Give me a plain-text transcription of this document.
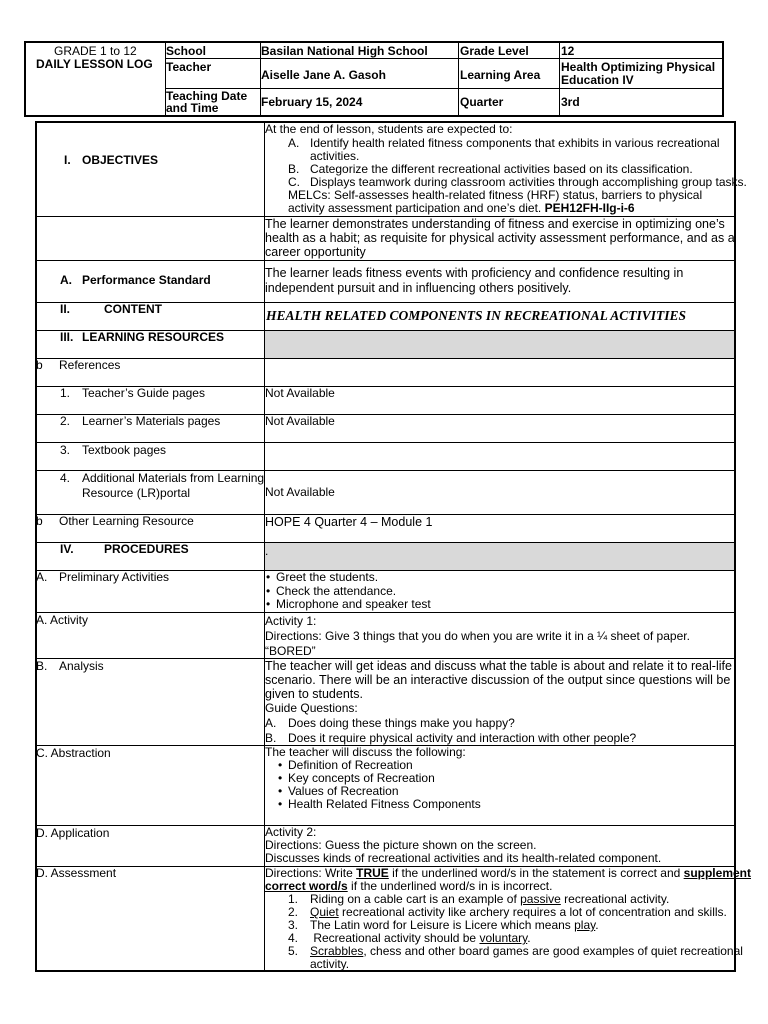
GRADE 1 to 12
DAILY LESSON LOG
School	Basilan National High School	Grade Level	12
Teacher
Aiselle Jane A. Gasoh	Learning Area
Health Optimizing Physical
Education IV
Teaching Date
and Time	February 15, 2024	Quarter	3rd
I. OBJECTIVES
At the end of lesson, students are expected to:
A. Identify health related fitness components that exhibits in various recreational
activities.
B. Categorize the different recreational activities based on its classification.
C. Displays teamwork during classroom activities through accomplishing group tasks.
MELCs: Self-assesses health-related fitness (HRF) status, barriers to physical
activity assessment participation and one’s diet. PEH12FH-IIg-i-6
The learner demonstrates understanding of fitness and exercise in optimizing one’s
health as a habit; as requisite for physical activity assessment performance, and as a
career opportunity
A. Performance Standard	The learner leads fitness events with proficiency and confidence resulting in
independent pursuit and in influencing others positively.
II.	CONTENT	HEALTH RELATED COMPONENTS IN RECREATIONAL ACTIVITIES
III. LEARNING RESOURCES
b References
1. Teacher’s Guide pages	Not Available
2. Learner’s Materials pages	Not Available
3. Textbook pages
4. Additional Materials from Learning
Resource (LR)portal	Not Available
b Other Learning Resource	HOPE 4 Quarter 4 – Module 1
IV.	PROCEDURES	.
A. Preliminary Activities
•	Greet the students.
• Check the attendance.
• Microphone and speaker test
A. Activity	Activity 1:
Directions: Give 3 things that you do when you are write it in a ¼ sheet of paper.
“BORED”
B. Analysis	The teacher will get ideas and discuss what the table is about and relate it to real-life
scenario. There will be an interactive discussion of the output since questions will be
given to students.
Guide Questions:
A. Does doing these things make you happy?
B. Does it require physical activity and interaction with other people?
C. Abstraction	The teacher will discuss the following:
• Definition of Recreation
• Key concepts of Recreation
• Values of Recreation
• Health Related Fitness Components
D. Application	Activity 2:
Directions: Guess the picture shown on the screen.
Discusses kinds of recreational activities and its health-related component.
D. Assessment	Directions: Write TRUE if the underlined word/s in the statement is correct and supplement
correct word/s if the underlined word/s in is incorrect.
1. Riding on a cable cart is an example of passive recreational activity.
2. Quiet recreational activity like archery requires a lot of concentration and skills.
3. The Latin word for Leisure is Licere which means play.
4. Recreational activity should be voluntary.
5. Scrabbles, chess and other board games are good examples of quiet recreational
activity.
